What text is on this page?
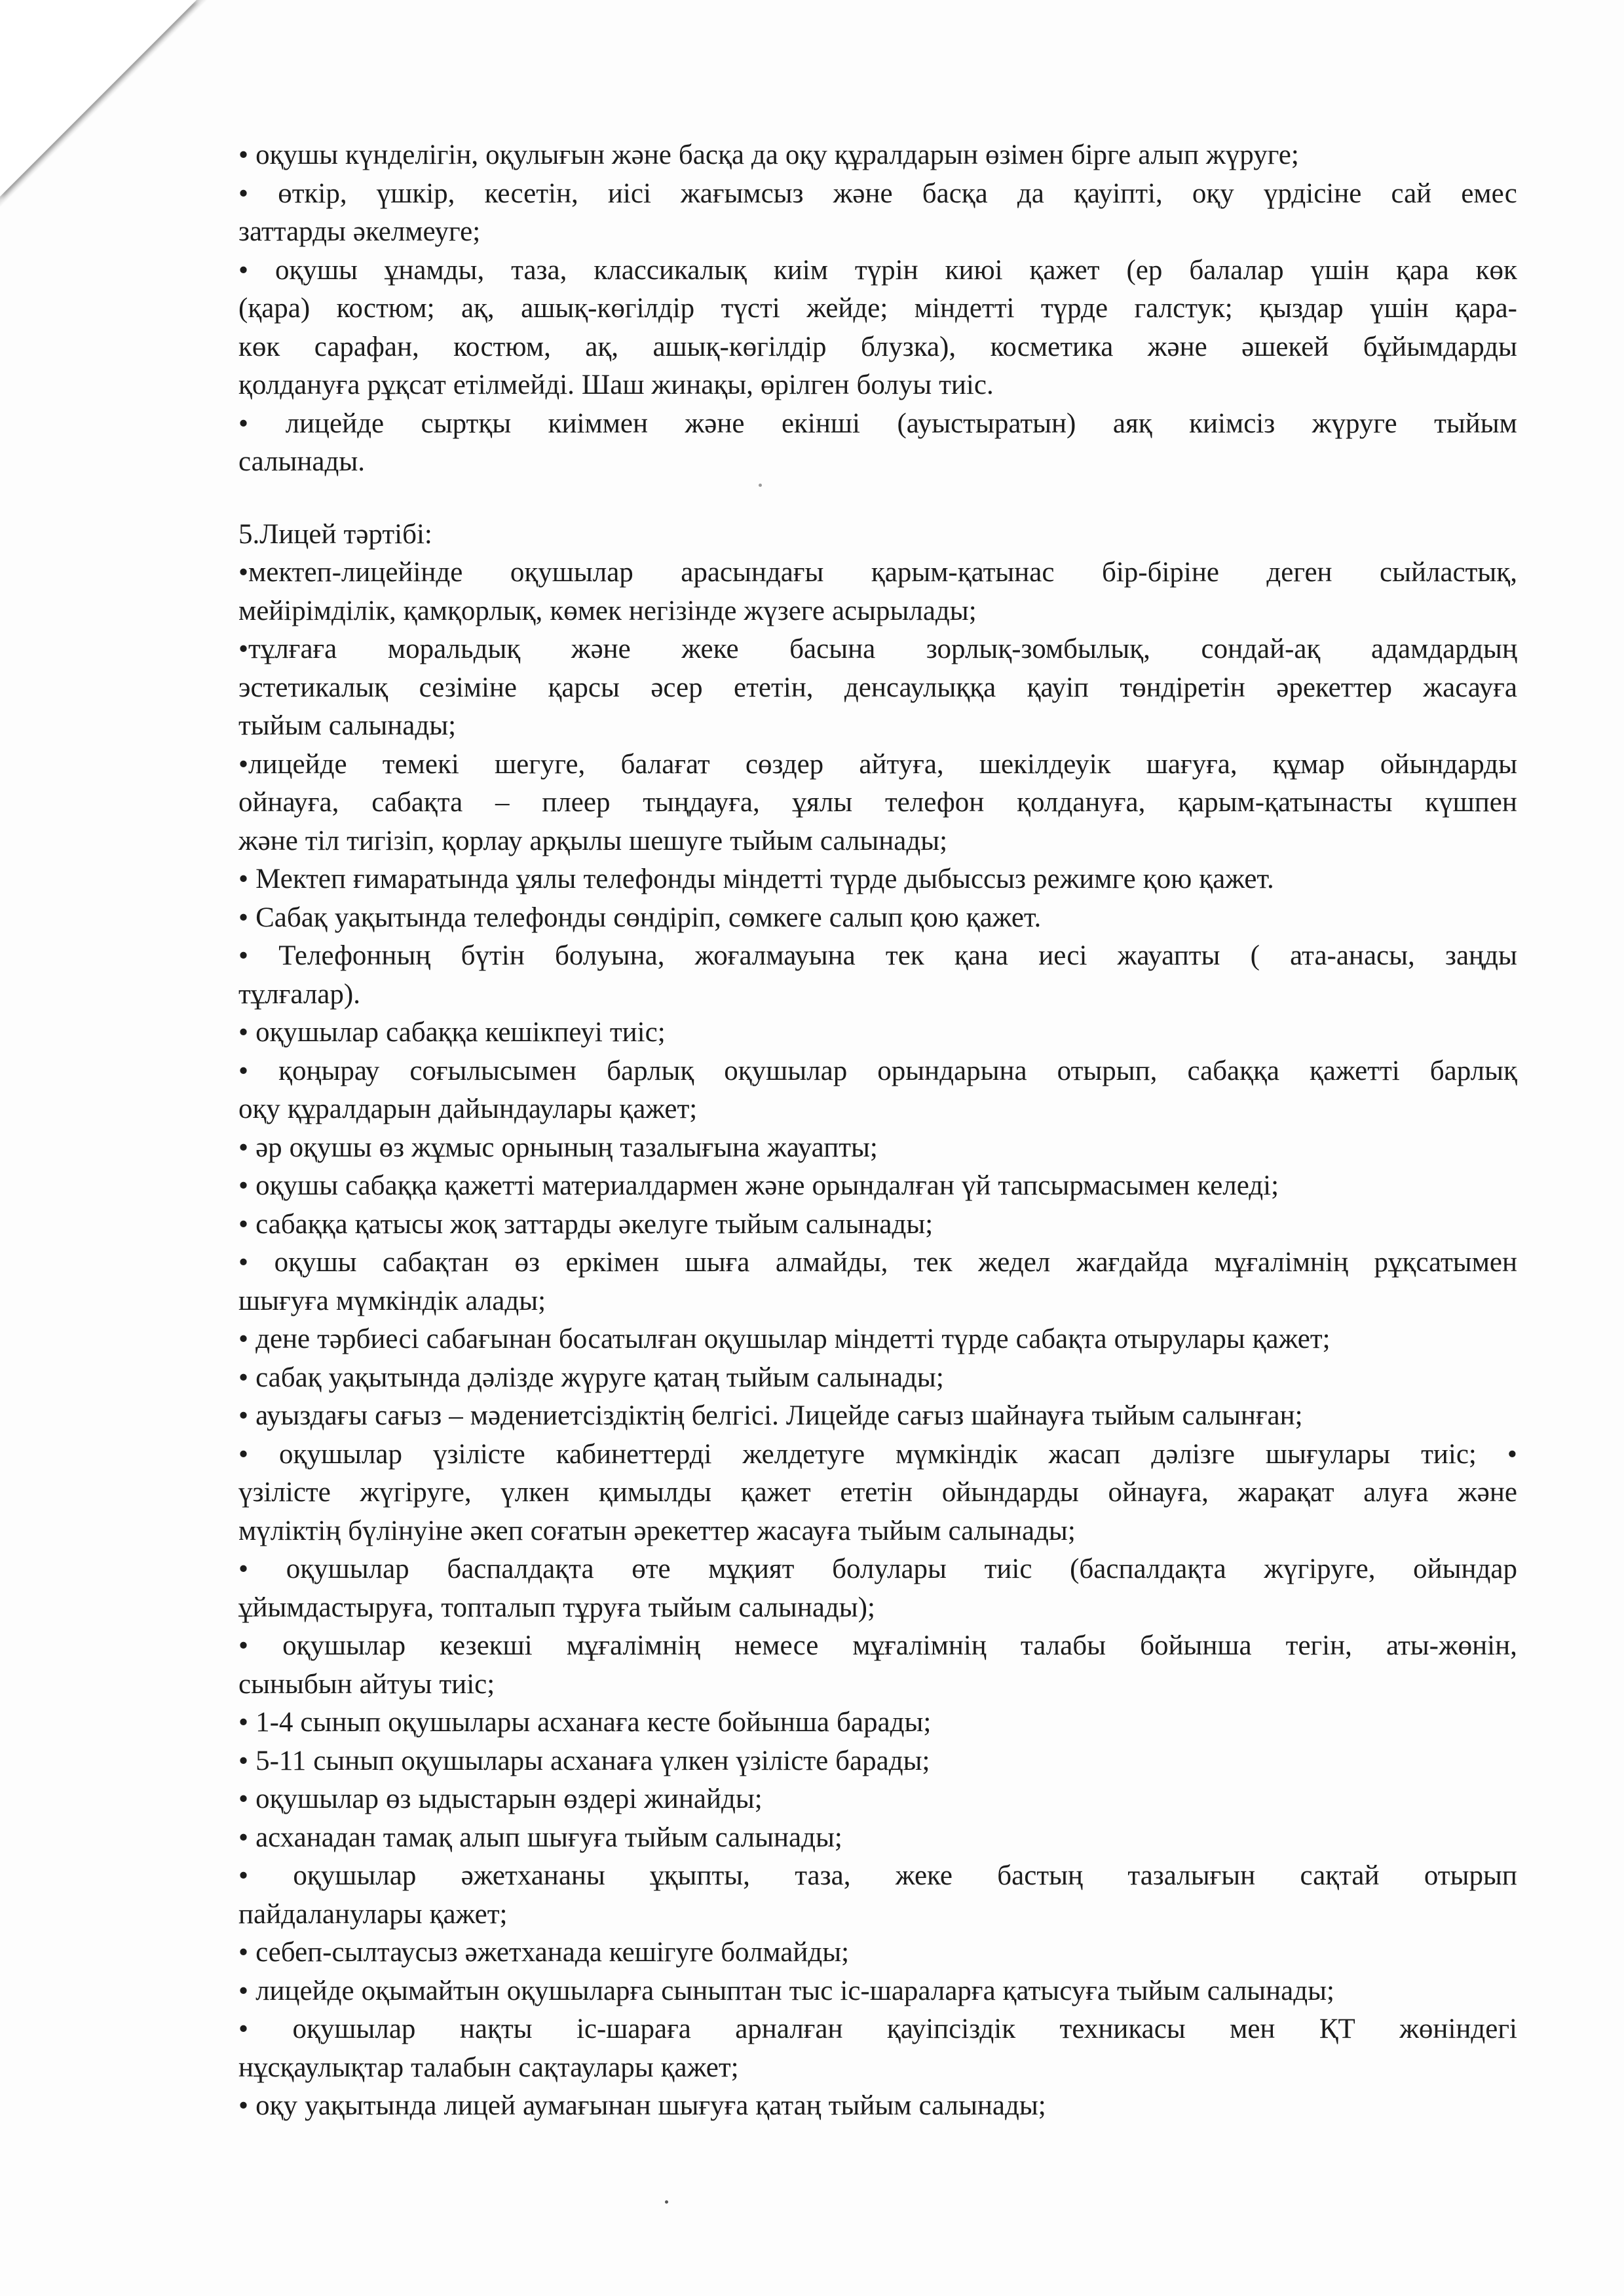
• оқушы күнделігін, оқулығын және басқа да оқу құралдарын өзімен бірге алып жүруге;
• өткір, үшкір, кесетін, иісі жағымсыз және басқа да қауіпті, оқу үрдісіне сай емес
заттарды әкелмеуге;
• оқушы ұнамды, таза, классикалық киім түрін киюі қажет (ер балалар үшін қара көк
(қара) костюм; ақ, ашық-көгілдір түсті жейде; міндетті түрде галстук; қыздар үшін қара-
көк сарафан, костюм, ақ, ашық-көгілдір блузка), косметика және әшекей бұйымдарды
қолдануға рұқсат етілмейді. Шаш жинақы, өрілген болуы тиіс.
• лицейде сыртқы киіммен және екінші (ауыстыратын) аяқ киімсіз жүруге тыйым
салынады.
5.Лицей тәртібі:
•мектеп-лицейінде оқушылар арасындағы қарым-қатынас бір-біріне деген сыйластық,
мейірімділік, қамқорлық, көмек негізінде жүзеге асырылады;
•тұлғаға моральдық және жеке басына зорлық-зомбылық, сондай-ақ адамдардың
эстетикалық сезіміне қарсы әсер ететін, денсаулыққа қауіп төндіретін әрекеттер жасауға
тыйым салынады;
•лицейде темекі шегуге, балағат сөздер айтуға, шекілдеуік шағуға, құмар ойындарды
ойнауға, сабақта – плеер тыңдауға, ұялы телефон қолдануға, қарым-қатынасты күшпен
және тіл тигізіп, қорлау арқылы шешуге тыйым салынады;
• Мектеп ғимаратында ұялы телефонды міндетті түрде дыбыссыз режимге қою қажет.
• Сабақ уақытында телефонды сөндіріп, сөмкеге салып қою қажет.
• Телефонның бүтін болуына, жоғалмауына тек қана иесі жауапты ( ата-анасы, заңды
тұлғалар).
• оқушылар сабаққа кешікпеуі тиіс;
• қоңырау соғылысымен барлық оқушылар орындарына отырып, сабаққа қажетті барлық
оқу құралдарын дайындаулары қажет;
• әр оқушы өз жұмыс орнының тазалығына жауапты;
• оқушы сабаққа қажетті материалдармен және орындалған үй тапсырмасымен келеді;
• сабаққа қатысы жоқ заттарды әкелуге тыйым салынады;
• оқушы сабақтан өз еркімен шыға алмайды, тек жедел жағдайда мұғалімнің рұқсатымен
шығуға мүмкіндік алады;
• дене тәрбиесі сабағынан босатылған оқушылар міндетті түрде сабақта отырулары қажет;
• сабақ уақытында дәлізде жүруге қатаң тыйым салынады;
• ауыздағы сағыз – мәдениетсіздіктің белгісі. Лицейде сағыз шайнауға тыйым салынған;
• оқушылар үзілісте кабинеттерді желдетуге мүмкіндік жасап дәлізге шығулары тиіс; •
үзілісте жүгіруге, үлкен қимылды қажет ететін ойындарды ойнауға, жарақат алуға және
мүліктің бүлінуіне әкеп соғатын әрекеттер жасауға тыйым салынады;
• оқушылар баспалдақта өте мұқият болулары тиіс (баспалдақта жүгіруге, ойындар
ұйымдастыруға, топталып тұруға тыйым салынады);
• оқушылар кезекші мұғалімнің немесе мұғалімнің талабы бойынша тегін, аты-жөнін,
сыныбын айтуы тиіс;
• 1-4 сынып оқушылары асханаға кесте бойынша барады;
• 5-11 сынып оқушылары асханаға үлкен үзілісте барады;
• оқушылар өз ыдыстарын өздері жинайды;
• асханадан тамақ алып шығуға тыйым салынады;
• оқушылар әжетхананы ұқыпты, таза, жеке бастың тазалығын сақтай отырып
пайдаланулары қажет;
• себеп-сылтаусыз әжетханада кешігуге болмайды;
• лицейде оқымайтын оқушыларға сыныптан тыс іс-шараларға қатысуға тыйым салынады;
• оқушылар нақты іс-шараға арналған қауіпсіздік техникасы мен ҚТ жөніндегі
нұсқаулықтар талабын сақтаулары қажет;
• оқу уақытында лицей аумағынан шығуға қатаң тыйым салынады;
